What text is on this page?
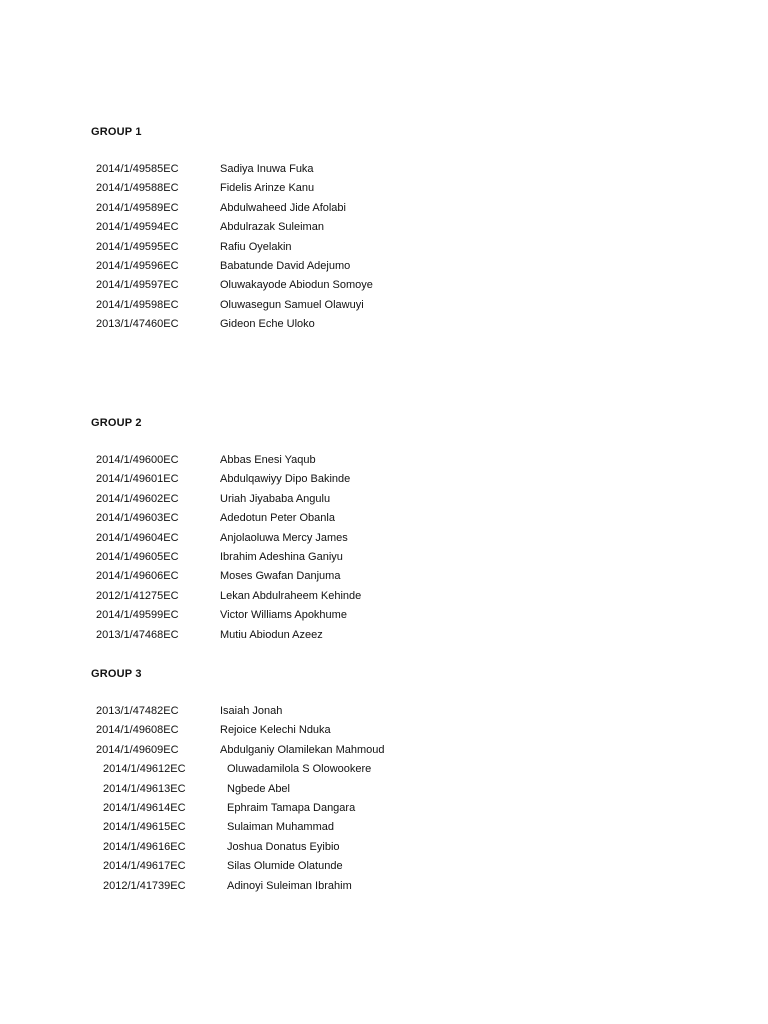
GROUP 1
2014/1/49585EC	Sadiya Inuwa Fuka
2014/1/49588EC	Fidelis Arinze Kanu
2014/1/49589EC	Abdulwaheed Jide Afolabi
2014/1/49594EC	Abdulrazak Suleiman
2014/1/49595EC	Rafiu Oyelakin
2014/1/49596EC	Babatunde David Adejumo
2014/1/49597EC	Oluwakayode Abiodun Somoye
2014/1/49598EC	Oluwasegun Samuel Olawuyi
2013/1/47460EC	Gideon Eche Uloko
GROUP 2
2014/1/49600EC	Abbas Enesi Yaqub
2014/1/49601EC	Abdulqawiyy Dipo Bakinde
2014/1/49602EC	Uriah Jiyababa Angulu
2014/1/49603EC	Adedotun Peter Obanla
2014/1/49604EC	Anjolaoluwa Mercy James
2014/1/49605EC	Ibrahim Adeshina Ganiyu
2014/1/49606EC	Moses Gwafan Danjuma
2012/1/41275EC	Lekan Abdulraheem Kehinde
2014/1/49599EC	Victor Williams Apokhume
2013/1/47468EC	Mutiu Abiodun Azeez
GROUP 3
2013/1/47482EC	Isaiah Jonah
2014/1/49608EC	Rejoice Kelechi Nduka
2014/1/49609EC	Abdulganiy Olamilekan Mahmoud
2014/1/49612EC	Oluwadamilola S Olowookere
2014/1/49613EC	Ngbede Abel
2014/1/49614EC	Ephraim Tamapa Dangara
2014/1/49615EC	Sulaiman Muhammad
2014/1/49616EC	Joshua Donatus Eyibio
2014/1/49617EC	Silas Olumide Olatunde
2012/1/41739EC	Adinoyi Suleiman Ibrahim
